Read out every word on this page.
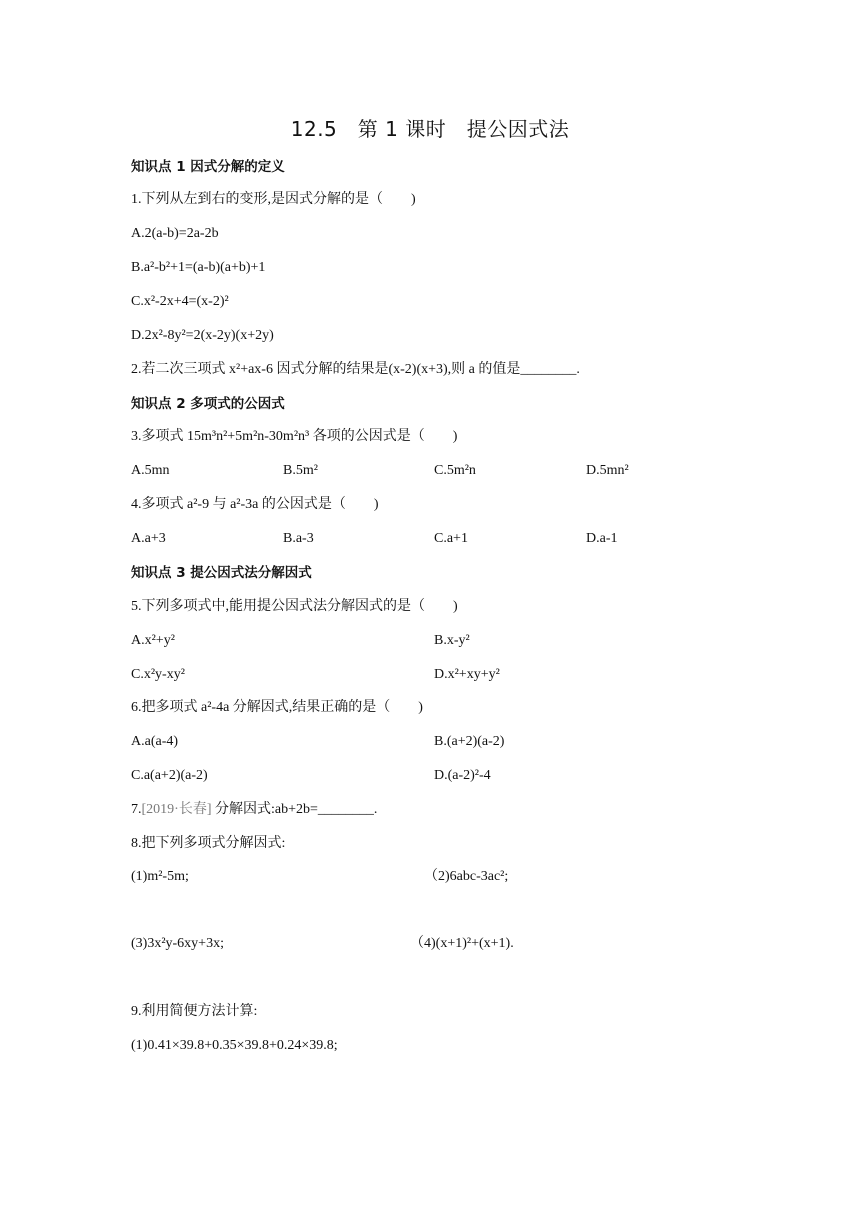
12.5　第 1 课时　提公因式法
知识点 1 因式分解的定义
1.下列从左到右的变形,是因式分解的是（　　)
A.2(a-b)=2a-2b
B.a²-b²+1=(a-b)(a+b)+1
C.x²-2x+4=(x-2)²
D.2x²-8y²=2(x-2y)(x+2y)
2.若二次三项式 x²+ax-6 因式分解的结果是(x-2)(x+3),则 a 的值是________.
知识点 2 多项式的公因式
3.多项式 15m³n²+5m²n-30m²n³ 各项的公因式是（　　)
A.5mn	B.5m²	C.5m²n	D.5mn²
4.多项式 a²-9 与 a²-3a 的公因式是（　　)
A.a+3	B.a-3	C.a+1	D.a-1
知识点 3 提公因式法分解因式
5.下列多项式中,能用提公因式法分解因式的是（　　)
A.x²+y²	B.x-y²
C.x²y-xy²	D.x²+xy+y²
6.把多项式 a²-4a 分解因式,结果正确的是（　　)
A.a(a-4)	B.(a+2)(a-2)
C.a(a+2)(a-2)	D.(a-2)²-4
7.[2019·长春] 分解因式:ab+2b=________.
8.把下列多项式分解因式:
(1)m²-5m;	（2)6abc-3ac²;
(3)3x²y-6xy+3x;	（4)(x+1)²+(x+1).
9.利用简便方法计算:
(1)0.41×39.8+0.35×39.8+0.24×39.8;
